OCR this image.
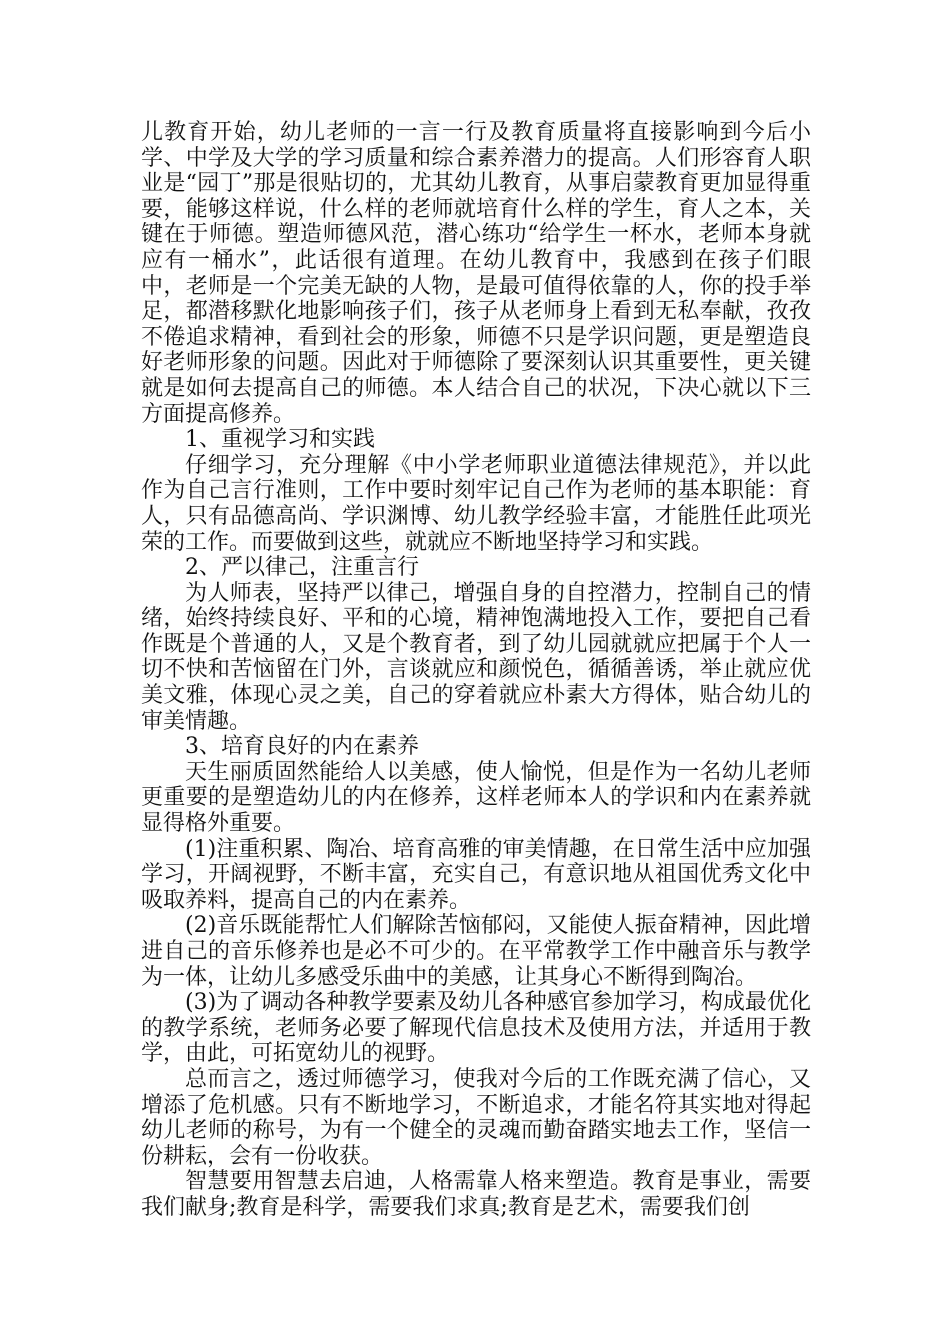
儿教育开始，幼儿老师的一言一行及教育质量将直接影响到今后小学、中学及大学的学习质量和综合素养潜力的提高。人们形容育人职业是“园丁”那是很贴切的，尤其幼儿教育，从事启蒙教育更加显得重要，能够这样说，什么样的老师就培育什么样的学生，育人之本，关键在于师德。塑造师德风范，潜心练功“给学生一杯水，老师本身就应有一桶水”，此话很有道理。在幼儿教育中，我感到在孩子们眼中，老师是一个完美无缺的人物，是最可值得依靠的人，你的投手举足，都潜移默化地影响孩子们，孩子从老师身上看到无私奉献，孜孜不倦追求精神，看到社会的形象，师德不只是学识问题，更是塑造良好老师形象的问题。因此对于师德除了要深刻认识其重要性，更关键就是如何去提高自己的师德。本人结合自己的状况，下决心就以下三方面提高修养。

1、重视学习和实践

仔细学习，充分理解《中小学老师职业道德法律规范》，并以此作为自己言行准则，工作中要时刻牢记自己作为老师的基本职能：育人，只有品德高尚、学识渊博、幼儿教学经验丰富，才能胜任此项光荣的工作。而要做到这些，就就应不断地坚持学习和实践。

2、严以律己，注重言行

为人师表，坚持严以律己，增强自身的自控潜力，控制自己的情绪，始终持续良好、平和的心境，精神饱满地投入工作，要把自己看作既是个普通的人，又是个教育者，到了幼儿园就就应把属于个人一切不快和苦恼留在门外，言谈就应和颜悦色，循循善诱，举止就应优美文雅，体现心灵之美，自己的穿着就应朴素大方得体，贴合幼儿的审美情趣。

3、培育良好的内在素养

天生丽质固然能给人以美感，使人愉悦，但是作为一名幼儿老师更重要的是塑造幼儿的内在修养，这样老师本人的学识和内在素养就显得格外重要。

(1)注重积累、陶冶、培育高雅的审美情趣，在日常生活中应加强学习，开阔视野，不断丰富，充实自己，有意识地从祖国优秀文化中吸取养料，提高自己的内在素养。

(2)音乐既能帮忙人们解除苦恼郁闷，又能使人振奋精神，因此增进自己的音乐修养也是必不可少的。在平常教学工作中融音乐与教学为一体，让幼儿多感受乐曲中的美感，让其身心不断得到陶冶。

(3)为了调动各种教学要素及幼儿各种感官参加学习，构成最优化的教学系统，老师务必要了解现代信息技术及使用方法，并适用于教学，由此，可拓宽幼儿的视野。

总而言之，透过师德学习，使我对今后的工作既充满了信心，又增添了危机感。只有不断地学习，不断追求，才能名符其实地对得起幼儿老师的称号，为有一个健全的灵魂而勤奋踏实地去工作，坚信一份耕耘，会有一份收获。

智慧要用智慧去启迪，人格需靠人格来塑造。教育是事业，需要我们献身;教育是科学，需要我们求真;教育是艺术，需要我们创
